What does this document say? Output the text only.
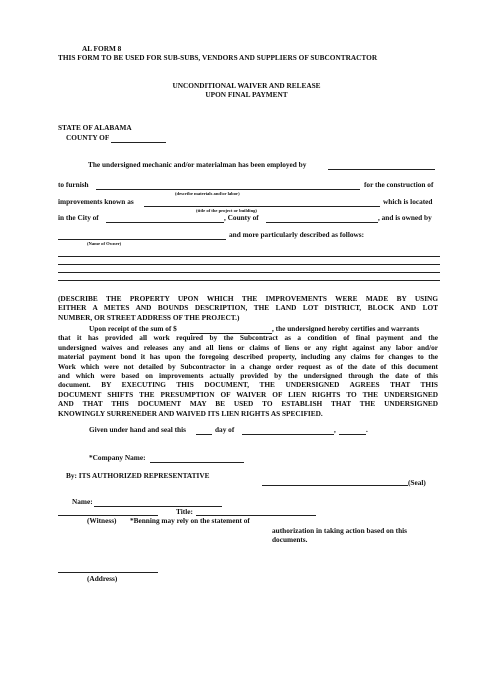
AL FORM 8
THIS FORM TO BE USED FOR SUB-SUBS, VENDORS AND SUPPLIERS OF SUBCONTRACTOR
UNCONDITIONAL WAIVER AND RELEASE
UPON FINAL PAYMENT
STATE OF ALABAMA
COUNTY OF
The undersigned mechanic and/or materialman has been employed by
to furnish	for the construction of
(describe materials and/or labor)
improvements known as	which is located
(title of the project or building)
in the City of	, County of	, and is owned by
and more particularly described as follows:
(Name of Owner)
(DESCRIBE THE PROPERTY UPON WHICH THE IMPROVEMENTS WERE MADE BY USING
EITHER A METES AND BOUNDS DESCRIPTION, THE LAND LOT DISTRICT, BLOCK AND LOT
NUMBER, OR STREET ADDRESS OF THE PROJECT.)
Upon receipt of the sum of $	, the undersigned hereby certifies and warrants
that it has provided all work required by the Subcontract as a condition of final payment and the
undersigned waives and releases any and all liens or claims of liens or any right against any labor and/or
material payment bond it has upon the foregoing described property, including any claims for changes to the
Work which were not detailed by Subcontractor in a change order request as of the date of this document
and which were based on improvements actually provided by the undersigned through the date of this
document. BY EXECUTING THIS DOCUMENT, THE UNDERSIGNED AGREES THAT THIS
DOCUMENT SHIFTS THE PRESUMPTION OF WAIVER OF LIEN RIGHTS TO THE UNDERSIGNED
AND THAT THIS DOCUMENT MAY BE USED TO ESTABLISH THAT THE UNDERSIGNED
KNOWINGLY SURRENEDER AND WAIVED ITS LIEN RIGHTS AS SPECIFIED.
Given under hand and seal this	day of	,	.
*Company Name:
By: ITS AUTHORIZED REPRESENTATIVE
(Seal)
Name:
Title:
(Witness) *Benning may rely on the statement of
authorization in taking action based on this
documents.
(Address)
